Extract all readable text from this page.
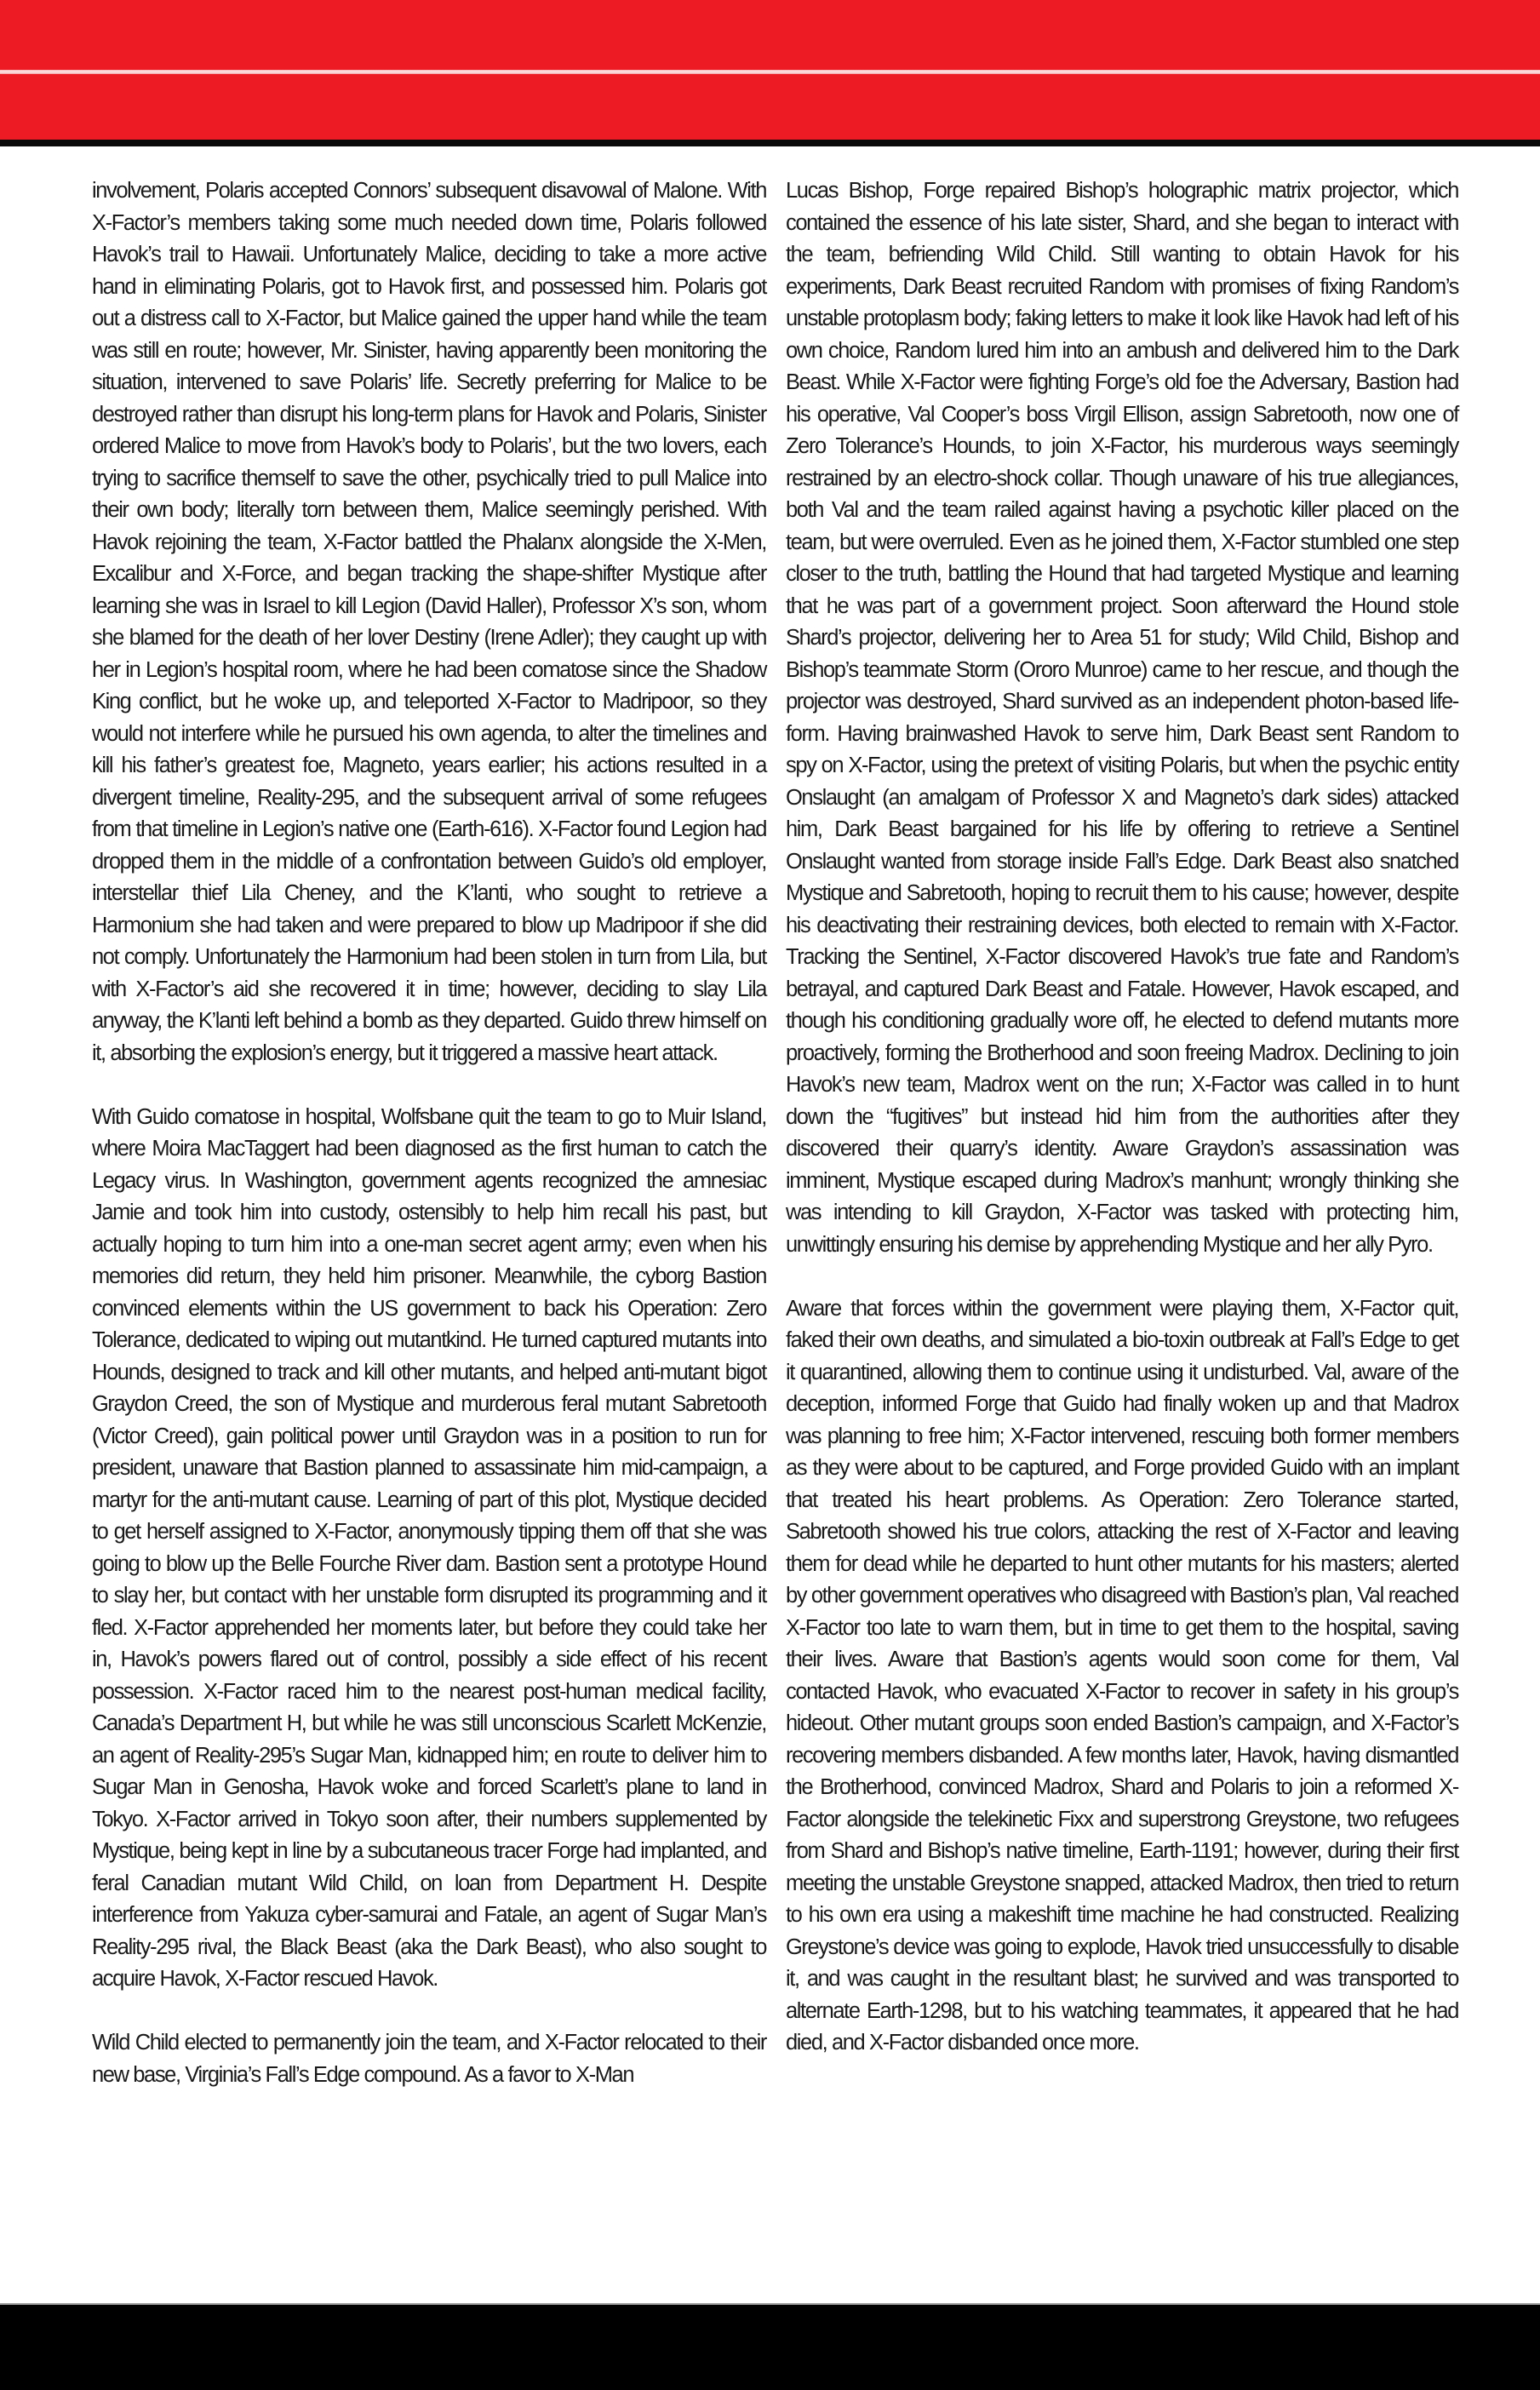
involvement, Polaris accepted Connors’ subsequent disavowal of Malone. With X-Factor’s members taking some much needed down time, Polaris followed Havok’s trail to Hawaii. Unfortunately Malice, deciding to take a more active hand in eliminating Polaris, got to Havok first, and possessed him. Polaris got out a distress call to X-Factor, but Malice gained the upper hand while the team was still en route; however, Mr. Sinister, having apparently been monitoring the situation, intervened to save Polaris’ life. Secretly preferring for Malice to be destroyed rather than disrupt his long-term plans for Havok and Polaris, Sinister ordered Malice to move from Havok’s body to Polaris’, but the two lovers, each trying to sacrifice themself to save the other, psychically tried to pull Malice into their own body; literally torn between them, Malice seemingly perished. With Havok rejoining the team, X-Factor battled the Phalanx alongside the X-Men, Excalibur and X-Force, and began tracking the shape-shifter Mystique after learning she was in Israel to kill Legion (David Haller), Professor X’s son, whom she blamed for the death of her lover Destiny (Irene Adler); they caught up with her in Legion’s hospital room, where he had been comatose since the Shadow King conflict, but he woke up, and teleported X-Factor to Madripoor, so they would not interfere while he pursued his own agenda, to alter the timelines and kill his father’s greatest foe, Magneto, years earlier; his actions resulted in a divergent timeline, Reality-295, and the subsequent arrival of some refugees from that timeline in Legion’s native one (Earth-616). X-Factor found Legion had dropped them in the middle of a confrontation between Guido’s old employer, interstellar thief Lila Cheney, and the K’lanti, who sought to retrieve a Harmonium she had taken and were prepared to blow up Madripoor if she did not comply. Unfortunately the Harmonium had been stolen in turn from Lila, but with X-Factor’s aid she recovered it in time; however, deciding to slay Lila anyway, the K’lanti left behind a bomb as they departed. Guido threw himself on it, absorbing the explosion’s energy, but it triggered a massive heart attack.

With Guido comatose in hospital, Wolfsbane quit the team to go to Muir Island, where Moira MacTaggert had been diagnosed as the first human to catch the Legacy virus. In Washington, government agents recognized the amnesiac Jamie and took him into custody, ostensibly to help him recall his past, but actually hoping to turn him into a one-man secret agent army; even when his memories did return, they held him prisoner. Meanwhile, the cyborg Bastion convinced elements within the US government to back his Operation: Zero Tolerance, dedicated to wiping out mutantkind. He turned captured mutants into Hounds, designed to track and kill other mutants, and helped anti-mutant bigot Graydon Creed, the son of Mystique and murderous feral mutant Sabretooth (Victor Creed), gain political power until Graydon was in a position to run for president, unaware that Bastion planned to assassinate him mid-campaign, a martyr for the anti-mutant cause. Learning of part of this plot, Mystique decided to get herself assigned to X-Factor, anonymously tipping them off that she was going to blow up the Belle Fourche River dam. Bastion sent a prototype Hound to slay her, but contact with her unstable form disrupted its programming and it fled. X-Factor apprehended her moments later, but before they could take her in, Havok’s powers flared out of control, possibly a side effect of his recent possession. X-Factor raced him to the nearest post-human medical facility, Canada’s Department H, but while he was still unconscious Scarlett McKenzie, an agent of Reality-295’s Sugar Man, kidnapped him; en route to deliver him to Sugar Man in Genosha, Havok woke and forced Scarlett’s plane to land in Tokyo. X-Factor arrived in Tokyo soon after, their numbers supplemented by Mystique, being kept in line by a subcutaneous tracer Forge had implanted, and feral Canadian mutant Wild Child, on loan from Department H. Despite interference from Yakuza cyber-samurai and Fatale, an agent of Sugar Man’s Reality-295 rival, the Black Beast (aka the Dark Beast), who also sought to acquire Havok, X-Factor rescued Havok.

Wild Child elected to permanently join the team, and X-Factor relocated to their new base, Virginia’s Fall’s Edge compound. As a favor to X-Man

Lucas Bishop, Forge repaired Bishop’s holographic matrix projector, which contained the essence of his late sister, Shard, and she began to interact with the team, befriending Wild Child. Still wanting to obtain Havok for his experiments, Dark Beast recruited Random with promises of fixing Random’s unstable protoplasm body; faking letters to make it look like Havok had left of his own choice, Random lured him into an ambush and delivered him to the Dark Beast. While X-Factor were fighting Forge’s old foe the Adversary, Bastion had his operative, Val Cooper’s boss Virgil Ellison, assign Sabretooth, now one of Zero Tolerance’s Hounds, to join X-Factor, his murderous ways seemingly restrained by an electro-shock collar. Though unaware of his true allegiances, both Val and the team railed against having a psychotic killer placed on the team, but were overruled. Even as he joined them, X-Factor stumbled one step closer to the truth, battling the Hound that had targeted Mystique and learning that he was part of a government project. Soon afterward the Hound stole Shard’s projector, delivering her to Area 51 for study; Wild Child, Bishop and Bishop’s teammate Storm (Ororo Munroe) came to her rescue, and though the projector was destroyed, Shard survived as an independent photon-based life-form. Having brainwashed Havok to serve him, Dark Beast sent Random to spy on X-Factor, using the pretext of visiting Polaris, but when the psychic entity Onslaught (an amalgam of Professor X and Magneto’s dark sides) attacked him, Dark Beast bargained for his life by offering to retrieve a Sentinel Onslaught wanted from storage inside Fall’s Edge. Dark Beast also snatched Mystique and Sabretooth, hoping to recruit them to his cause; however, despite his deactivating their restraining devices, both elected to remain with X-Factor. Tracking the Sentinel, X-Factor discovered Havok’s true fate and Random’s betrayal, and captured Dark Beast and Fatale. However, Havok escaped, and though his conditioning gradually wore off, he elected to defend mutants more proactively, forming the Brotherhood and soon freeing Madrox. Declining to join Havok’s new team, Madrox went on the run; X-Factor was called in to hunt down the “fugitives” but instead hid him from the authorities after they discovered their quarry’s identity. Aware Graydon’s assassination was imminent, Mystique escaped during Madrox’s manhunt; wrongly thinking she was intending to kill Graydon, X-Factor was tasked with protecting him, unwittingly ensuring his demise by apprehending Mystique and her ally Pyro.

Aware that forces within the government were playing them, X-Factor quit, faked their own deaths, and simulated a bio-toxin outbreak at Fall’s Edge to get it quarantined, allowing them to continue using it undisturbed. Val, aware of the deception, informed Forge that Guido had finally woken up and that Madrox was planning to free him; X-Factor intervened, rescuing both former members as they were about to be captured, and Forge provided Guido with an implant that treated his heart problems. As Operation: Zero Tolerance started, Sabretooth showed his true colors, attacking the rest of X-Factor and leaving them for dead while he departed to hunt other mutants for his masters; alerted by other government operatives who disagreed with Bastion’s plan, Val reached X-Factor too late to warn them, but in time to get them to the hospital, saving their lives. Aware that Bastion’s agents would soon come for them, Val contacted Havok, who evacuated X-Factor to recover in safety in his group’s hideout. Other mutant groups soon ended Bastion’s campaign, and X-Factor’s recovering members disbanded. A few months later, Havok, having dismantled the Brotherhood, convinced Madrox, Shard and Polaris to join a reformed X-Factor alongside the telekinetic Fixx and superstrong Greystone, two refugees from Shard and Bishop’s native timeline, Earth-1191; however, during their first meeting the unstable Greystone snapped, attacked Madrox, then tried to return to his own era using a makeshift time machine he had constructed. Realizing Greystone’s device was going to explode, Havok tried unsuccessfully to disable it, and was caught in the resultant blast; he survived and was transported to alternate Earth-1298, but to his watching teammates, it appeared that he had died, and X-Factor disbanded once more.
